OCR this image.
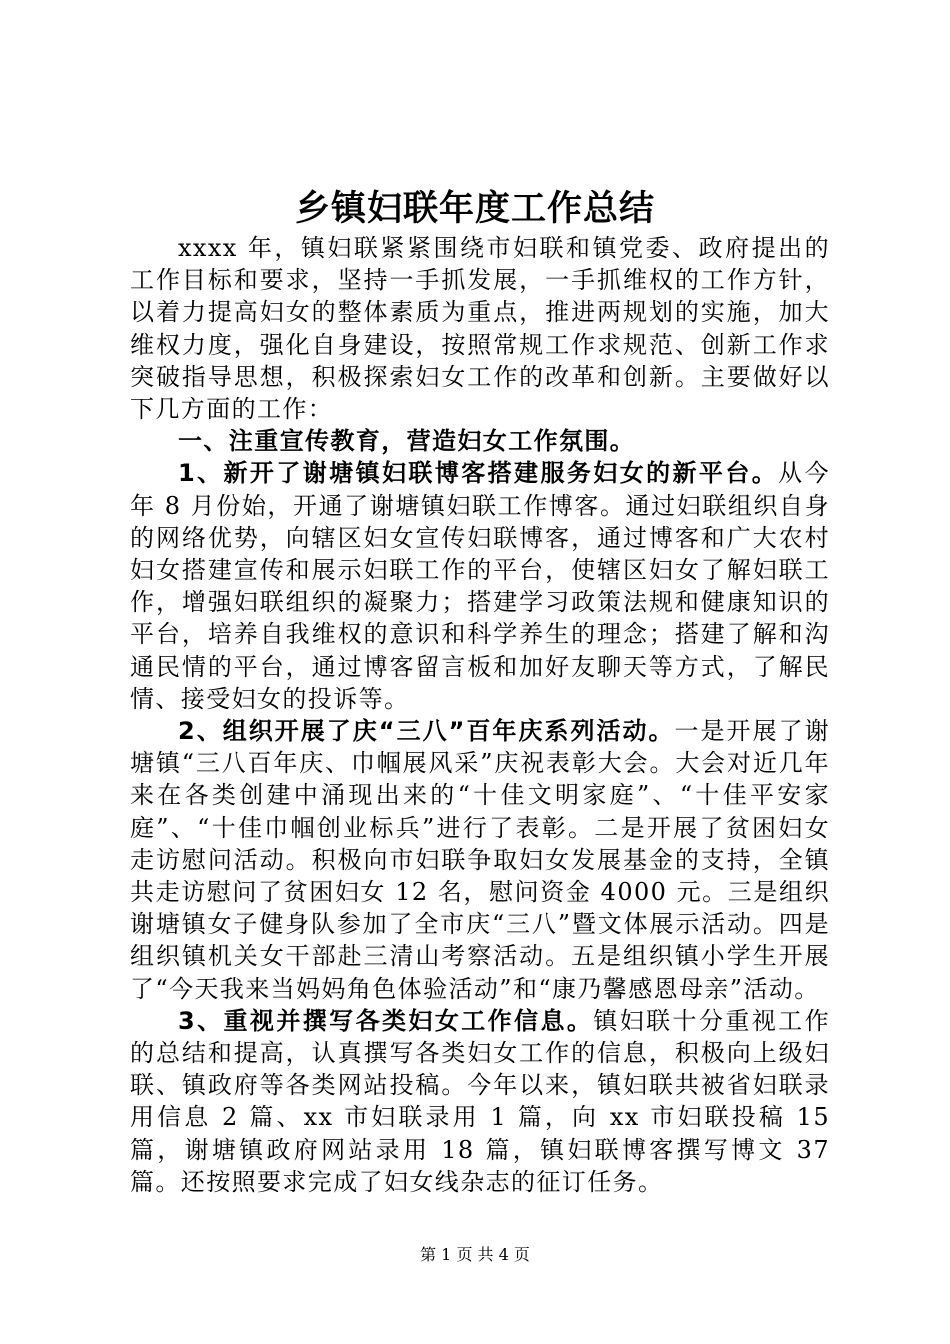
乡镇妇联年度工作总结

xxxx 年，镇妇联紧紧围绕市妇联和镇党委、政府提出的工作目标和要求，坚持一手抓发展，一手抓维权的工作方针，以着力提高妇女的整体素质为重点，推进两规划的实施，加大维权力度，强化自身建设，按照常规工作求规范、创新工作求突破指导思想，积极探索妇女工作的改革和创新。主要做好以下几方面的工作：

一、注重宣传教育，营造妇女工作氛围。

1、新开了谢塘镇妇联博客搭建服务妇女的新平台。从今年 8 月份始，开通了谢塘镇妇联工作博客。通过妇联组织自身的网络优势，向辖区妇女宣传妇联博客，通过博客和广大农村妇女搭建宣传和展示妇联工作的平台，使辖区妇女了解妇联工作，增强妇联组织的凝聚力；搭建学习政策法规和健康知识的平台，培养自我维权的意识和科学养生的理念；搭建了解和沟通民情的平台，通过博客留言板和加好友聊天等方式，了解民情、接受妇女的投诉等。

2、组织开展了庆“三八”百年庆系列活动。一是开展了谢塘镇“三八百年庆、巾帼展风采”庆祝表彰大会。大会对近几年来在各类创建中涌现出来的“十佳文明家庭”、“十佳平安家庭”、“十佳巾帼创业标兵”进行了表彰。二是开展了贫困妇女走访慰问活动。积极向市妇联争取妇女发展基金的支持，全镇共走访慰问了贫困妇女 12 名，慰问资金 4000 元。三是组织谢塘镇女子健身队参加了全市庆“三八”暨文体展示活动。四是组织镇机关女干部赴三清山考察活动。五是组织镇小学生开展了“今天我来当妈妈角色体验活动”和“康乃馨感恩母亲”活动。

3、重视并撰写各类妇女工作信息。镇妇联十分重视工作的总结和提高，认真撰写各类妇女工作的信息，积极向上级妇联、镇政府等各类网站投稿。今年以来，镇妇联共被省妇联录用信息 2 篇、xx 市妇联录用 1 篇，向 xx 市妇联投稿 15 篇，谢塘镇政府网站录用 18 篇，镇妇联博客撰写博文 37 篇。还按照要求完成了妇女线杂志的征订任务。

第 1 页 共 4 页
